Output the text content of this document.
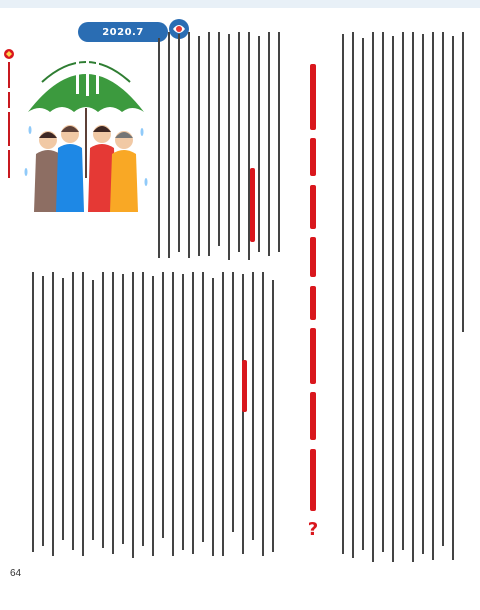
2020.7
?
64
